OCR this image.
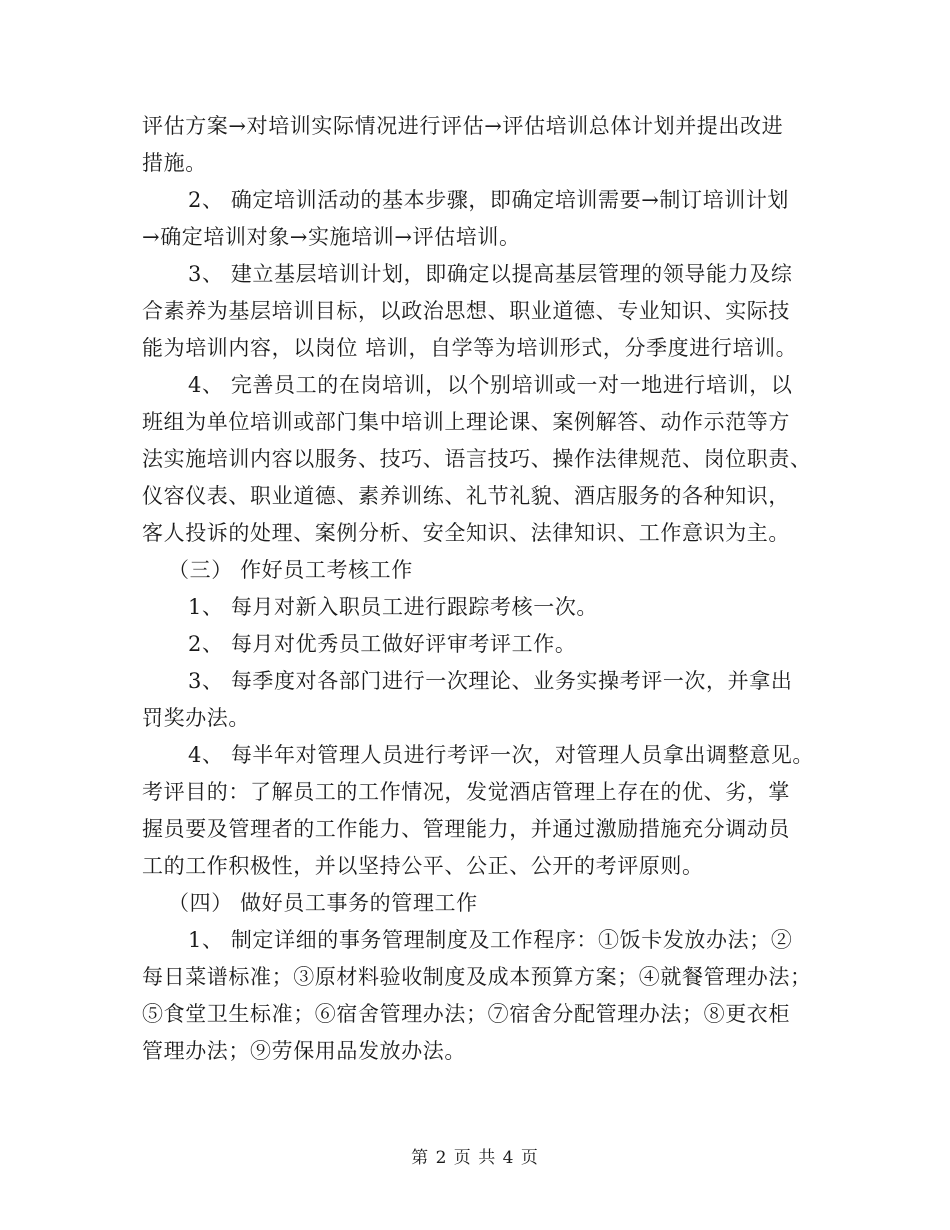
评估方案→对培训实际情况进行评估→评估培训总体计划并提出改进
措施。
2、 确定培训活动的基本步骤，即确定培训需要→制订培训计划
→确定培训对象→实施培训→评估培训。
3、 建立基层培训计划，即确定以提高基层管理的领导能力及综
合素养为基层培训目标，以政治思想、职业道德、专业知识、实际技
能为培训内容，以岗位 培训，自学等为培训形式，分季度进行培训。
4、 完善员工的在岗培训，以个别培训或一对一地进行培训，以
班组为单位培训或部门集中培训上理论课、案例解答、动作示范等方
法实施培训内容以服务、技巧、语言技巧、操作法律规范、岗位职责、
仪容仪表、职业道德、素养训练、礼节礼貌、酒店服务的各种知识，
客人投诉的处理、案例分析、安全知识、法律知识、工作意识为主。
（三） 作好员工考核工作
1、 每月对新入职员工进行跟踪考核一次。
2、 每月对优秀员工做好评审考评工作。
3、 每季度对各部门进行一次理论、业务实操考评一次，并拿出
罚奖办法。
4、 每半年对管理人员进行考评一次，对管理人员拿出调整意见。
考评目的：了解员工的工作情况，发觉酒店管理上存在的优、劣，掌
握员要及管理者的工作能力、管理能力，并通过激励措施充分调动员
工的工作积极性，并以坚持公平、公正、公开的考评原则。
（四） 做好员工事务的管理工作
1、 制定详细的事务管理制度及工作程序：①饭卡发放办法；②
每日菜谱标准；③原材料验收制度及成本预算方案；④就餐管理办法；
⑤食堂卫生标准；⑥宿舍管理办法；⑦宿舍分配管理办法；⑧更衣柜
管理办法；⑨劳保用品发放办法。
第 2 页 共 4 页
